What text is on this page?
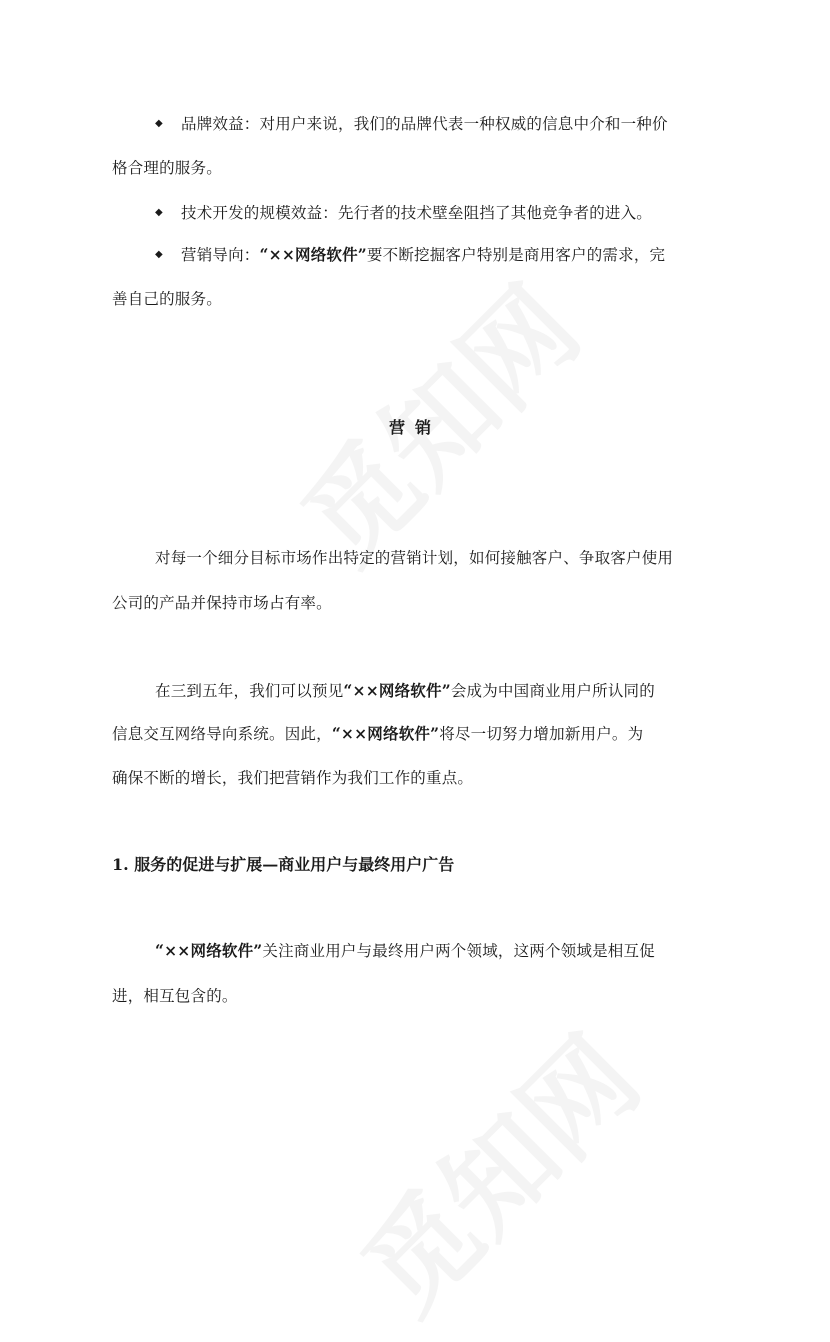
◆ 品牌效益：对用户来说，我们的品牌代表一种权威的信息中介和一种价
格合理的服务。
◆ 技术开发的规模效益：先行者的技术壁垒阻挡了其他竞争者的进入。
◆ 营销导向：“××网络软件”要不断挖掘客户特别是商用客户的需求，完
善自己的服务。
营销
对每一个细分目标市场作出特定的营销计划，如何接触客户、争取客户使用
公司的产品并保持市场占有率。
在三到五年，我们可以预见“××网络软件”会成为中国商业用户所认同的
信息交互网络导向系统。因此，“××网络软件”将尽一切努力增加新用户。为
确保不断的增长，我们把营销作为我们工作的重点。
1. 服务的促进与扩展—商业用户与最终用户广告
“××网络软件”关注商业用户与最终用户两个领域，这两个领域是相互促
进，相互包含的。
